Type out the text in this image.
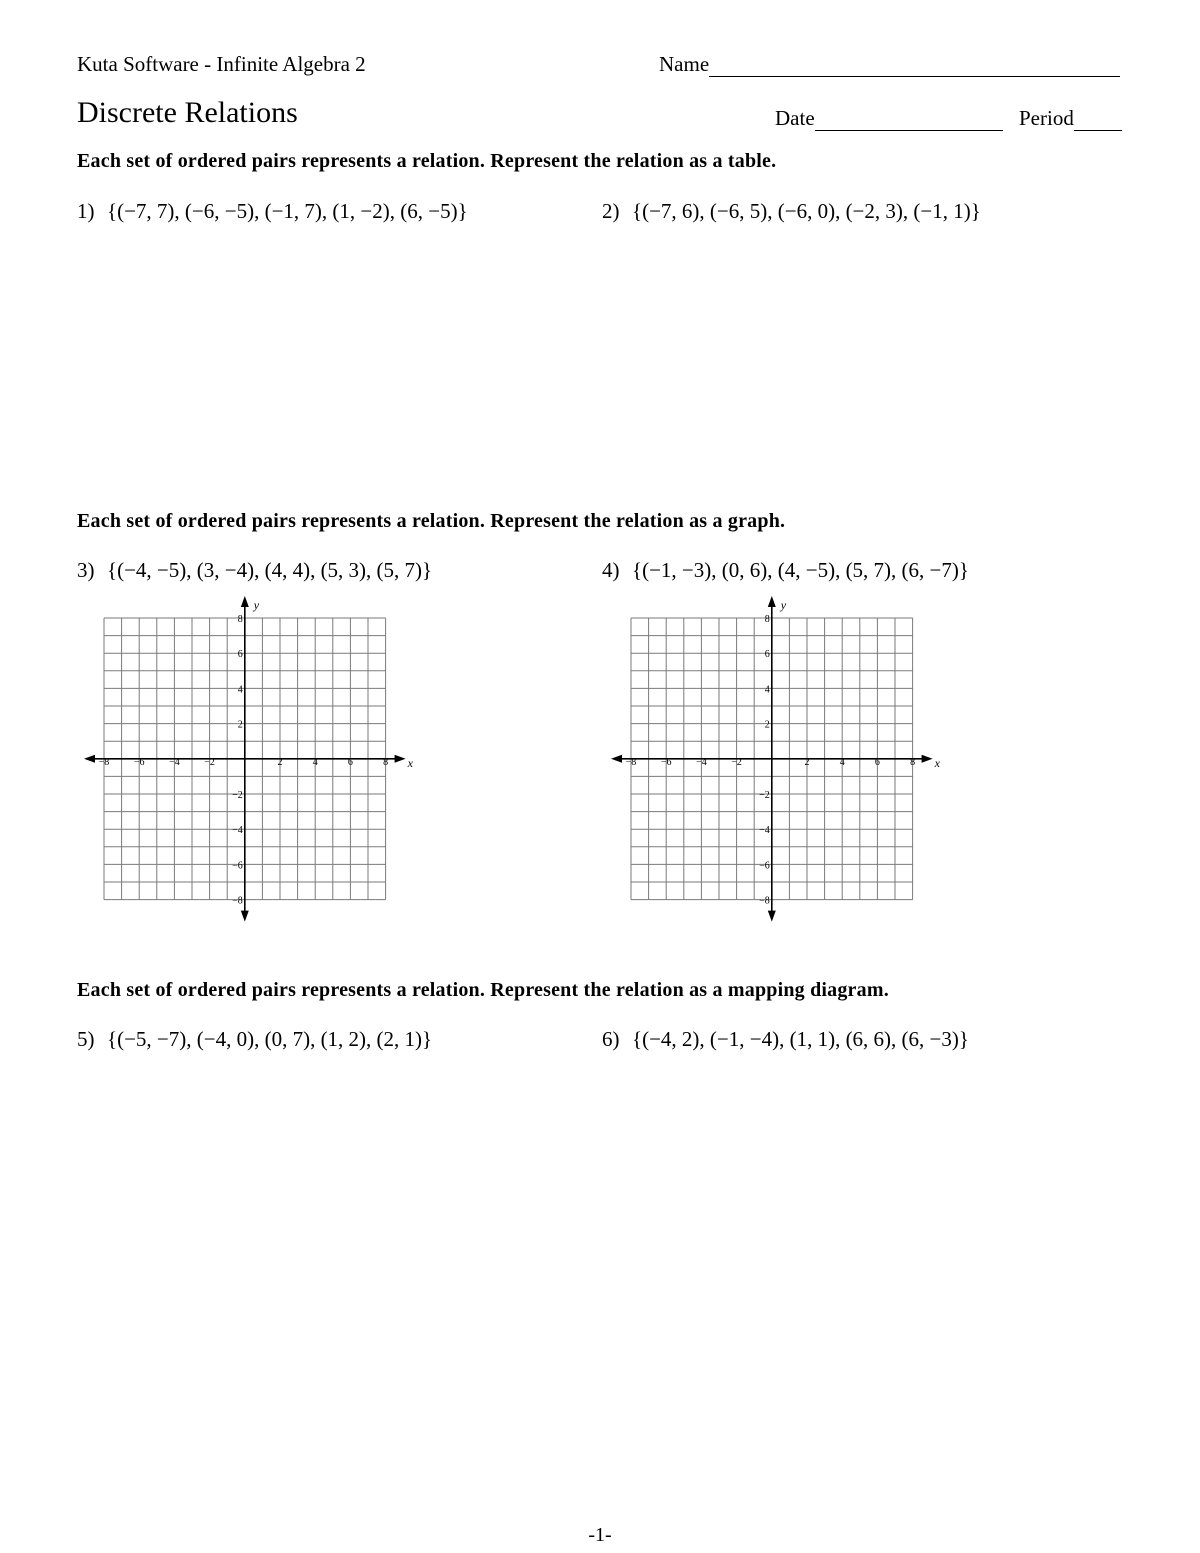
Kuta Software - Infinite Algebra 2	Name
Discrete Relations	Date	Period
Each set of ordered pairs represents a relation. Represent the relation as a table.
1) {(−7, 7), (−6, −5), (−1, 7), (1, −2), (6, −5)}	2) {(−7, 6), (−6, 5), (−6, 0), (−2, 3), (−1, 1)}
Each set of ordered pairs represents a relation. Represent the relation as a graph.
3) {(−4, −5), (3, −4), (4, 4), (5, 3), (5, 7)}	4) {(−1, −3), (0, 6), (4, −5), (5, 7), (6, −7)}
−8 −6 −4 −2	2	4	6	8
8
6
4
2
−2
−4
−6
−8
x
y
−8 −6 −4 −2	2	4	6	8
8
6
4
2
−2
−4
−6
−8
x
y
Each set of ordered pairs represents a relation. Represent the relation as a mapping diagram.
5) {(−5, −7), (−4, 0), (0, 7), (1, 2), (2, 1)}	6) {(−4, 2), (−1, −4), (1, 1), (6, 6), (6, −3)}
-1-
